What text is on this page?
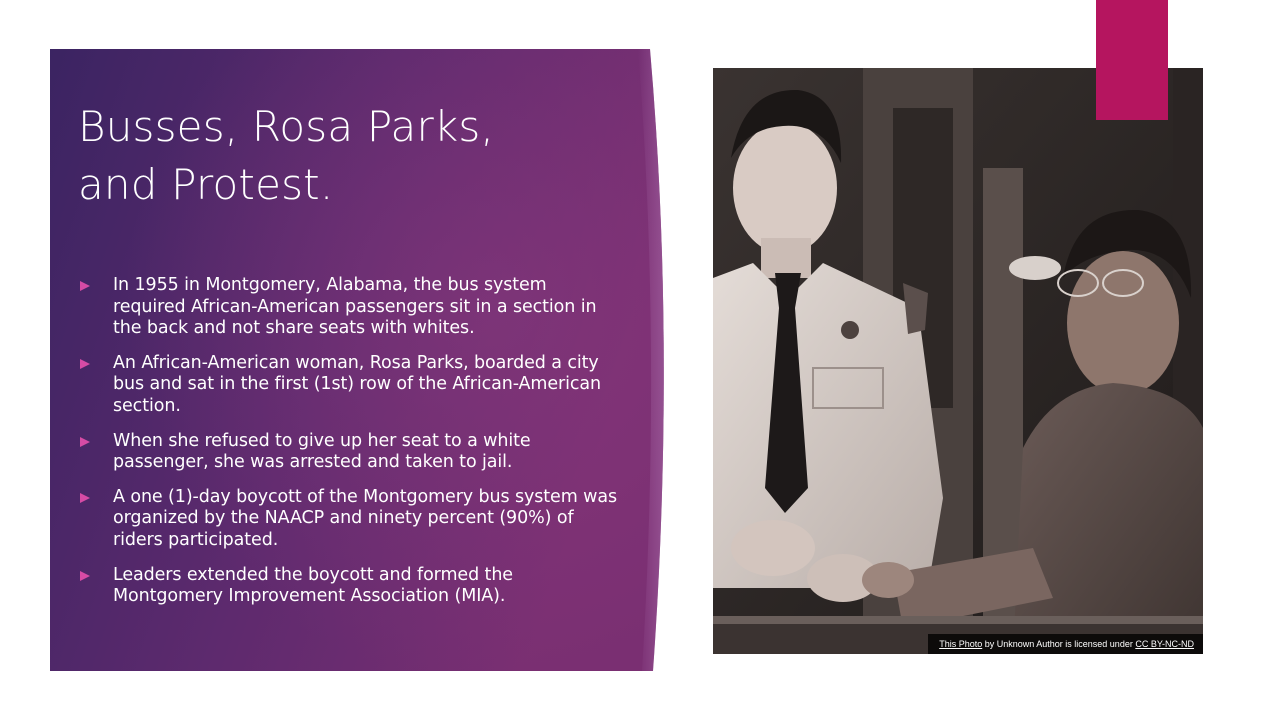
Busses, Rosa Parks,
and Protest.
In 1955 in Montgomery, Alabama, the bus system required African-American passengers sit in a section in the back and not share seats with whites.
An African-American woman, Rosa Parks, boarded a city bus and sat in the first (1st) row of the African-American section.
When she refused to give up her seat to a white passenger, she was arrested and taken to jail.
A one (1)-day boycott of the Montgomery bus system was organized by the NAACP and ninety percent (90%) of riders participated.
Leaders extended the boycott and formed the Montgomery Improvement Association (MIA).
This Photo by Unknown Author is licensed under CC BY-NC-ND
